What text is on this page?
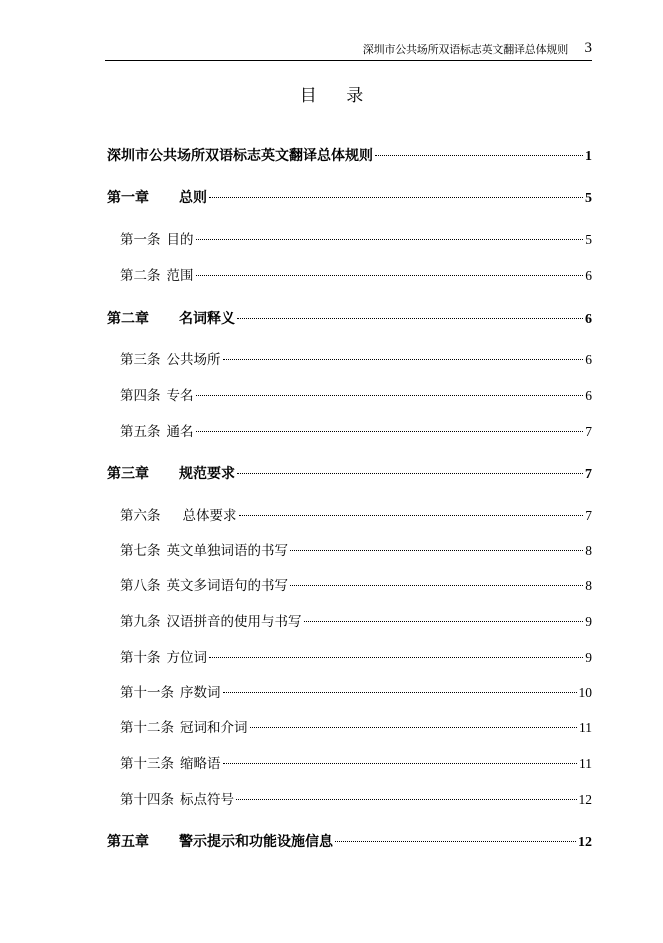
深圳市公共场所双语标志英文翻译总体规则 3
目 录
深圳市公共场所双语标志英文翻译总体规则	1
第一章 总则	5
第一条 目的	5
第二条 范围	6
第二章 名词释义	6
第三条 公共场所	6
第四条 专名	6
第五条 通名	7
第三章 规范要求	7
第六条 总体要求	7
第七条 英文单独词语的书写	8
第八条 英文多词语句的书写	8
第九条 汉语拼音的使用与书写	9
第十条 方位词	9
第十一条 序数词	10
第十二条 冠词和介词	11
第十三条 缩略语	11
第十四条 标点符号	12
第五章 警示提示和功能设施信息	12
